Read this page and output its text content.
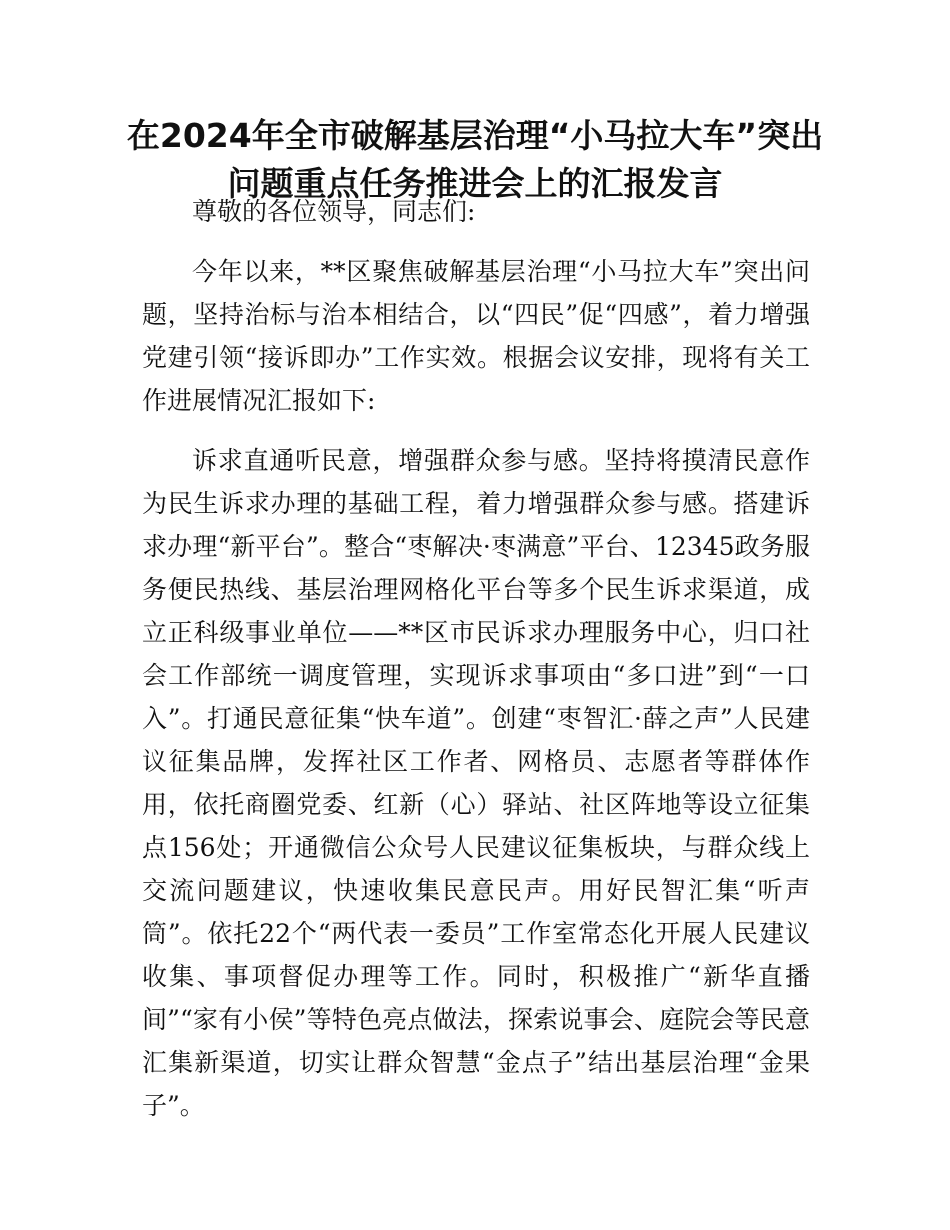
在2024年全市破解基层治理“小马拉大车”突出问题重点任务推进会上的汇报发言

尊敬的各位领导，同志们:

今年以来，**区聚焦破解基层治理“小马拉大车”突出问题，坚持治标与治本相结合，以“四民”促“四感”，着力增强党建引领“接诉即办”工作实效。根据会议安排，现将有关工作进展情况汇报如下:

诉求直通听民意，增强群众参与感。坚持将摸清民意作为民生诉求办理的基础工程，着力增强群众参与感。搭建诉求办理“新平台”。整合“枣解决·枣满意”平台、12345政务服务便民热线、基层治理网格化平台等多个民生诉求渠道，成立正科级事业单位——**区市民诉求办理服务中心，归口社会工作部统一调度管理，实现诉求事项由“多口进”到“一口入”。打通民意征集“快车道”。创建“枣智汇·薛之声”人民建议征集品牌，发挥社区工作者、网格员、志愿者等群体作用，依托商圈党委、红新（心）驿站、社区阵地等设立征集点156处；开通微信公众号人民建议征集板块，与群众线上交流问题建议，快速收集民意民声。用好民智汇集“听声筒”。依托22个“两代表一委员”工作室常态化开展人民建议收集、事项督促办理等工作。同时，积极推广“新华直播间”“家有小侯”等特色亮点做法，探索说事会、庭院会等民意汇集新渠道，切实让群众智慧“金点子”结出基层治理“金果子”。
